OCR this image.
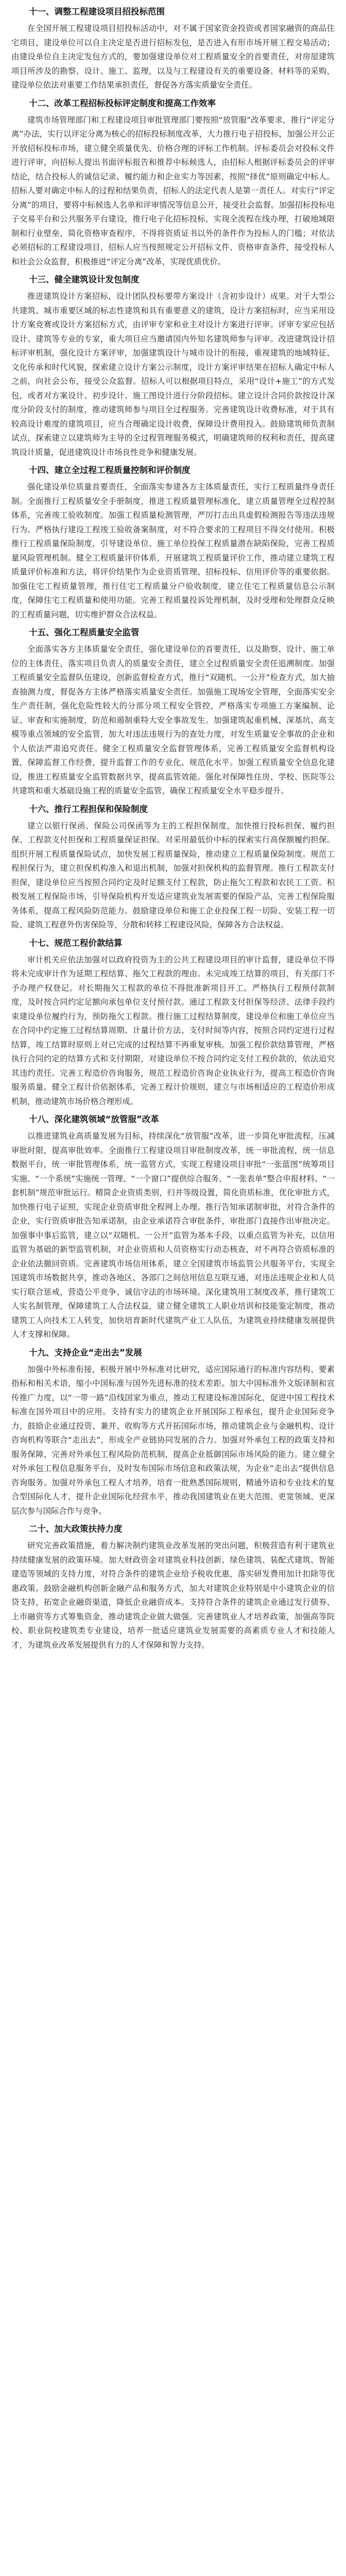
十一、调整工程建设项目招投标范围

在全国开展工程建设项目招投标活动中，对不属于国家资金投资或者国家融资的商品住宅项目，建设单位可以自主决定是否进行招标发包，是否进入有形市场开展工程交易活动；由建设单位自主决定发包方式的，要加强建设单位对工程质量安全的首要责任，对房屋建筑项目所涉及的勘察、设计、施工、监理，以及与工程建设有关的重要设备、材料等的采购，建设单位依法对重要工作结果承担责任，督促各方落实质量安全责任。

十二、改革工程招标投标评定制度和提高工作效率

建筑市场管理部门和工程建设项目审批管理部门要按照“放管服”改革要求，推行“评定分离”办法，实行以评定分离为核心的招标投标制度改革，大力推行电子招投标，加强公开公正开放招标投标市场，建立健全质量优先、价格合理的评标工作机制。评标委员会对投标文件进行评审，向招标人提出书面评标报告和推荐中标候选人，由招标人根据评标委员会的评审结论，结合投标人的诚信记录、履约能力和企业实力等因素，按照“择优”原则确定中标人。招标人要对确定中标人的过程和结果负责，招标人的法定代表人是第一责任人。对实行“评定分离”的项目，要将中标候选人名单和评审情况等信息公开，接受社会监督。加强招标投标电子交易平台和公共服务平台建设，推行电子化招标投标，实现全流程在线办理，打破地域限制和行业壁垒，简化资格审查程序，不得将资质证书以外的条件作为投标人的门槛；对依法必须招标的工程建设项目，招标人应当按照规定公开招标文件、资格审查条件，接受投标人和社会公众监督，积极推进“评定分离”改革，实现优质优价。

十三、健全建筑设计发包制度

推进建筑设计方案招标，设计团队投标要带方案设计（含初步设计）成果。对于大型公共建筑、城市重要区域的标志性建筑和具有重要意义的建筑，设计方案招标时，应当采用设计方案竞赛或设计方案招标方式，由评审专家和业主对设计方案进行评审。评审专家应包括设计、建筑等专业的专家，重大项目应当邀请国内外知名建筑师参与评审。改进建筑设计招标评审机制，强化设计方案评审，加强建筑设计与城市设计的衔接，重视建筑的地域特征、文化传承和时代风貌，探索建立设计方案公示制度，设计方案评审结果在招标人确定中标人之前，向社会公布，接受公众监督。招标人可以根据项目特点，采用“设计+施工”的方式发包，或者对方案设计、初步设计、施工图设计进行分阶段招标。建立设计合同价款按设计深度分阶段支付的制度，推动建筑师参与项目全过程服务。完善建筑设计收费标准，对于具有较高设计难度的建筑项目，应当合理确定设计收费，保障设计费用投入。鼓励建筑师负责制试点，探索建立以建筑师为主导的全过程管理服务模式，明确建筑师的权利和责任，提高建筑设计质量，促进建筑设计市场良性竞争和健康发展。

十四、建立全过程工程质量控制和评价制度

强化建设单位质量首要责任，全面落实参建各方主体质量责任，实行工程质量终身责任制。全面推行工程质量安全手册制度，推进工程质量管理标准化，建立质量管理全过程控制体系，完善竣工验收制度。加强工程质量检测管理，严厉打击出具虚假检测报告等违法违规行为。严格执行建设工程竣工验收备案制度，对不符合要求的工程项目不得交付使用。积极推行工程质量保险制度，引导建设单位、施工单位投保工程质量潜在缺陷保险，完善工程质量风险管理机制。健全工程质量评价体系，开展建筑工程质量评价工作，推动建立建筑工程质量评价标准和方法，将评价结果作为企业资质管理、招标投标、信用评价等的重要依据。加强住宅工程质量管理，推行住宅工程质量分户验收制度，建立住宅工程质量信息公示制度，保障住宅工程质量和使用功能。完善工程质量投诉处理机制，及时受理和处理群众反映的工程质量问题，切实维护群众合法权益。

十五、强化工程质量安全监管

全面落实各方主体质量安全责任，强化建设单位的首要责任，以及勘察、设计、施工单位的主体责任，落实项目负责人的质量安全责任，建立全过程质量安全责任追溯制度。加强工程质量安全监督队伍建设，创新监督检查方式，推行“双随机、一公开”检查方式，加大抽查抽测力度，督促各方主体严格落实质量安全责任。加强施工现场安全管理，全面落实安全生产责任制，强化危险性较大的分部分项工程安全管控，严格落实专项施工方案编制、论证、审查和实施制度，防范和遏制重特大安全事故发生。加强建筑起重机械、深基坑、高支模等重点领域的安全监管，加大对违法违规行为的查处力度，对发生质量安全事故的企业和个人依法严肃追究责任。健全工程质量安全监督管理体系，完善工程质量安全监督机构设置，保障监督工作经费，提升监督工作的专业化、规范化水平。加强工程质量安全信息化建设，推进工程质量安全监管数据共享，提高监管效能。强化对保障性住房、学校、医院等公共建筑和重大基础设施工程的质量安全监管，确保工程质量安全水平稳步提升。

十六、推行工程担保和保险制度

建立以银行保函、保险公司保函等为主的工程担保制度，加快推行投标担保、履约担保、工程款支付担保和工程质量保证担保。对采用最低价中标的探索实行高保额履约担保。组织开展工程质量保险试点，加快发展工程质量保险，推动建立工程质量保险制度。规范工程担保行为，建立担保机构准入和退出机制，加强对担保机构的监督管理。推行工程款支付担保，建设单位应当按照合同约定及时足额支付工程款，防止拖欠工程款和农民工工资。积极发展工程保险市场，引导保险机构开发适应建筑业发展需要的保险产品，完善工程保险服务体系，提高工程风险防范能力。鼓励建设单位和施工企业投保工程一切险、安装工程一切险、建筑工程意外伤害保险等，分散和转移工程建设风险，保障各方合法权益。

十七、规范工程价款结算

审计机关应依法加强对以政府投资为主的公共工程建设项目的审计监督，建设单位不得将未完成审计作为延期工程结算、拖欠工程款的理由。未完成竣工结算的项目，有关部门不予办理产权登记。对长期拖欠工程款的单位不得批准新项目开工。严格执行工程预付款制度，及时按合同约定足额向承包单位支付预付款。通过工程款支付担保等经济、法律手段约束建设单位履约行为，预防拖欠工程款。推行施工过程结算制度，建设单位和施工单位应当在合同中约定施工过程结算周期、计量计价方法、支付时间等内容，按照合同约定进行过程结算，竣工结算时原则上对已完成的过程结算不再重复审核。加强工程价款结算管理，严格执行合同约定的结算方式和支付期限，对建设单位不按合同约定支付工程价款的，依法追究其违约责任。完善工程造价咨询服务，规范工程造价咨询企业执业行为，提高工程造价咨询服务质量。健全工程计价依据体系，完善工程计价规则，建立与市场相适应的工程造价形成机制，推动建筑市场价格合理形成。

十八、深化建筑领域“放管服”改革

以推进建筑业高质量发展为目标，持续深化“放管服”改革，进一步简化审批流程，压减审批时限，提高审批效率。全面推行工程建设项目审批制度改革，统一审批流程，统一信息数据平台，统一审批管理体系，统一监管方式，实现工程建设项目审批“一张蓝图”统筹项目实施、“一个系统”实施统一管理、“一个窗口”提供综合服务、“一张表单”整合申报材料、“一套机制”规范审批运行。精简企业资质类别，归并等级设置，简化资质标准，优化审批方式，加快推行电子证照，实现企业资质审批全程网上办理。推行告知承诺制审批，对符合条件的企业，实行资质审批告知承诺制，由企业承诺符合审批条件，审批部门直接作出审批决定。加强事中事后监管，建立以“双随机、一公开”监管为基本手段，以重点监管为补充，以信用监管为基础的新型监管机制，对企业资质和人员资格实行动态核查，对不再符合资质标准的企业依法撤回资质。完善建筑市场信用体系，建立全国建筑市场监管公共服务平台，实现全国建筑市场数据共享，推动各地区、各部门之间信用信息互联互通，对违法违规企业和人员实行联合惩戒，营造公平竞争、诚信守法的市场环境。深化建筑用工制度改革，推行建筑工人实名制管理，保障建筑工人合法权益，建立健全建筑工人职业培训和技能鉴定制度，推动建筑工人向技术工人转变，加快培育新时代建筑产业工人队伍，为建筑业持续健康发展提供人才支撑和保障。

十九、支持企业“走出去”发展

加强中外标准衔接，积极开展中外标准对比研究，适应国际通行的标准内容结构、要素指标和相关术语，缩小中国标准与国外先进标准的技术差距。加大中国标准外文版译制和宣传推广力度，以“一带一路”沿线国家为重点，推动工程建设标准国际化，促进中国工程技术标准在国外项目中的应用。支持有实力的建筑企业开展国际工程承包，提升企业国际竞争力，鼓励企业通过投资、兼并、收购等方式开拓国际市场，推动建筑企业与金融机构、设计咨询机构等联合“走出去”，形成全产业链协同发展的合力。加强对外承包工程的政策支持和服务保障，完善对外承包工程风险防范机制，提高企业抵御国际市场风险的能力。建立健全对外承包工程信息服务平台，及时发布国际市场信息和政策法规，为企业“走出去”提供信息咨询服务。加强对外承包工程人才培养，培育一批熟悉国际规则、精通外语和专业技术的复合型国际化人才，提升企业国际化经营水平，推动我国建筑业在更大范围、更宽领域、更深层次参与国际合作与竞争。

二十、加大政策扶持力度

研究完善政策措施，着力解决制约建筑业改革发展的突出问题，积极营造有利于建筑业持续健康发展的政策环境。加大财政资金对建筑业科技创新、绿色建筑、装配式建筑、智能建造等领域的支持力度，对符合条件的建筑企业给予税收优惠，落实研发费用加计扣除等优惠政策。鼓励金融机构创新金融产品和服务方式，加大对建筑企业特别是中小建筑企业的信贷支持，拓宽企业融资渠道，降低企业融资成本。支持符合条件的建筑企业通过发行债券、上市融资等方式筹集资金，推动建筑企业做大做强。完善建筑业人才培养政策，加强高等院校、职业院校建筑类专业建设，培养一批适应建筑业发展需要的高素质专业人才和技能人才，为建筑业改革发展提供有力的人才保障和智力支持。
